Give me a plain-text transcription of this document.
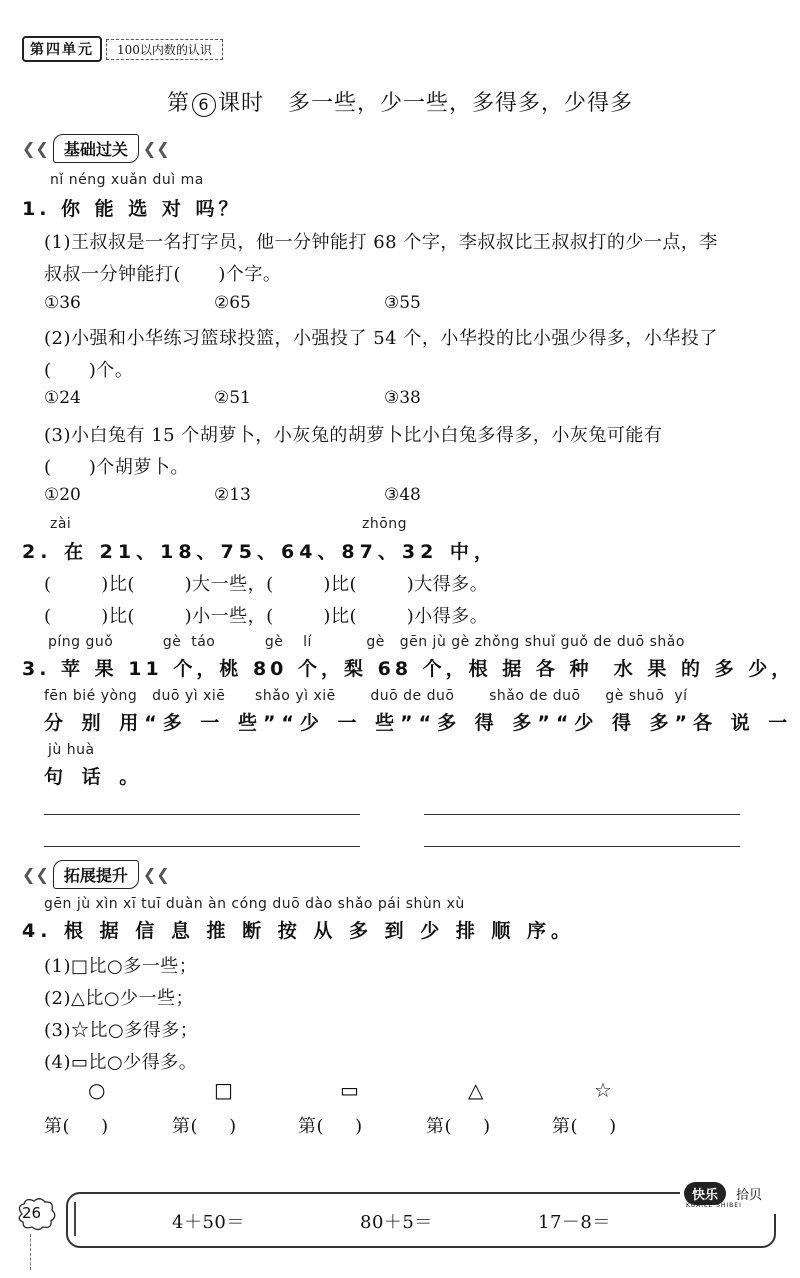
第四单元	100以内数的认识
第 6 课时 多一些，少一些，多得多，少得多
❮❮ 基础过关 ❮❮
nǐ néng xuǎn duì ma
1. 你 能 选 对 吗？
(1)王叔叔是一名打字员，他一分钟能打 68 个字，李叔叔比王叔叔打的少一点，李
叔叔一分钟能打(      )个字。
①36	②65	③55
(2)小强和小华练习篮球投篮，小强投了 54 个，小华投的比小强少得多，小华投了
(      )个。
①24	②51	③38
(3)小白兔有 15 个胡萝卜，小灰兔的胡萝卜比小白兔多得多，小灰兔可能有
(      )个胡萝卜。
①20	②13	③48
zài	zhōng
2. 在 21、18、75、64、87、32 中，
(        )比(        )大一些，(        )比(        )大得多。
(        )比(        )小一些，(        )比(        )小得多。
píng guǒ          gè  táo          gè    lí           gè   gēn jù gè zhǒng shuǐ guǒ de duō shǎo
3. 苹 果 11 个，桃 80 个，梨 68 个，根 据 各 种  水 果 的 多 少，
fēn bié yòng   duō yì xiē      shǎo yì xiē       duō de duō       shǎo de duō     gè shuō  yí
分 别 用“多 一 些”“少 一 些”“多 得 多”“少 得 多”各 说 一
jù huà
句 话 。
❮❮ 拓展提升 ❮❮
gēn jù xìn xī tuī duàn àn cóng duō dào shǎo pái shùn xù
4. 根 据 信 息 推 断 按 从 多 到 少 排 顺 序。
(1)□比○多一些；
(2)△比○少一些；
(3)☆比○多得多；
(4)▭比○少得多。
○	□	▭	△	☆
第(     )	第(     )	第(     )	第(     )	第(     )
26	4＋50＝	80＋5＝	17－8＝
快乐	拾贝
KUAILE SHIBEI
